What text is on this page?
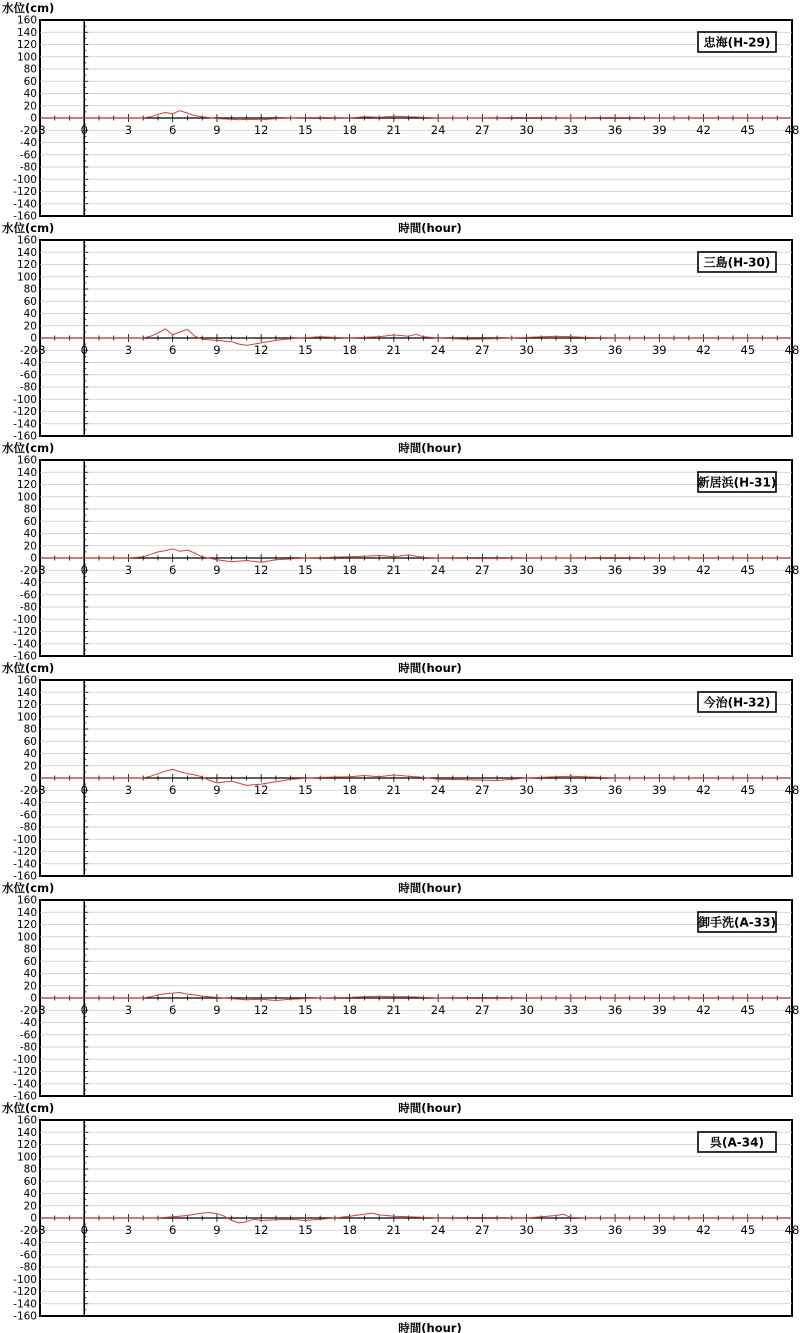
160
140
120
100
80
60
40
20
0
-20
-40
-60
-80
-100
-120
-140
-160
-3	0	3	6	9	12	15	18	21	24	27	30	33	36	39	42	45	48
忠海(H-29)
水位(cm)
時間(hour)
160
140
120
100
80
60
40
20
0
-20
-40
-60
-80
-100
-120
-140
-160
-3	0	3	6	9	12	15	18	21	24	27	30	33	36	39	42	45	48
三島(H-30)
水位(cm)
時間(hour)
160
140
120
100
80
60
40
20
0
-20
-40
-60
-80
-100
-120
-140
-160
-3	0	3	6	9	12	15	18	21	24	27	30	33	36	39	42	45	48
新居浜(H-31)
水位(cm)
時間(hour)
160
140
120
100
80
60
40
20
0
-20
-40
-60
-80
-100
-120
-140
-160
-3	0	3	6	9	12	15	18	21	24	27	30	33	36	39	42	45	48
今治(H-32)
水位(cm)
時間(hour)
160
140
120
100
80
60
40
20
0
-20
-40
-60
-80
-100
-120
-140
-160
-3	0	3	6	9	12	15	18	21	24	27	30	33	36	39	42	45	48
御手洗(A-33)
水位(cm)
時間(hour)
160
140
120
100
80
60
40
20
0
-20
-40
-60
-80
-100
-120
-140
-160
-3	0	3	6	9	12	15	18	21	24	27	30	33	36	39	42	45	48
呉(A-34)
水位(cm)
時間(hour)
